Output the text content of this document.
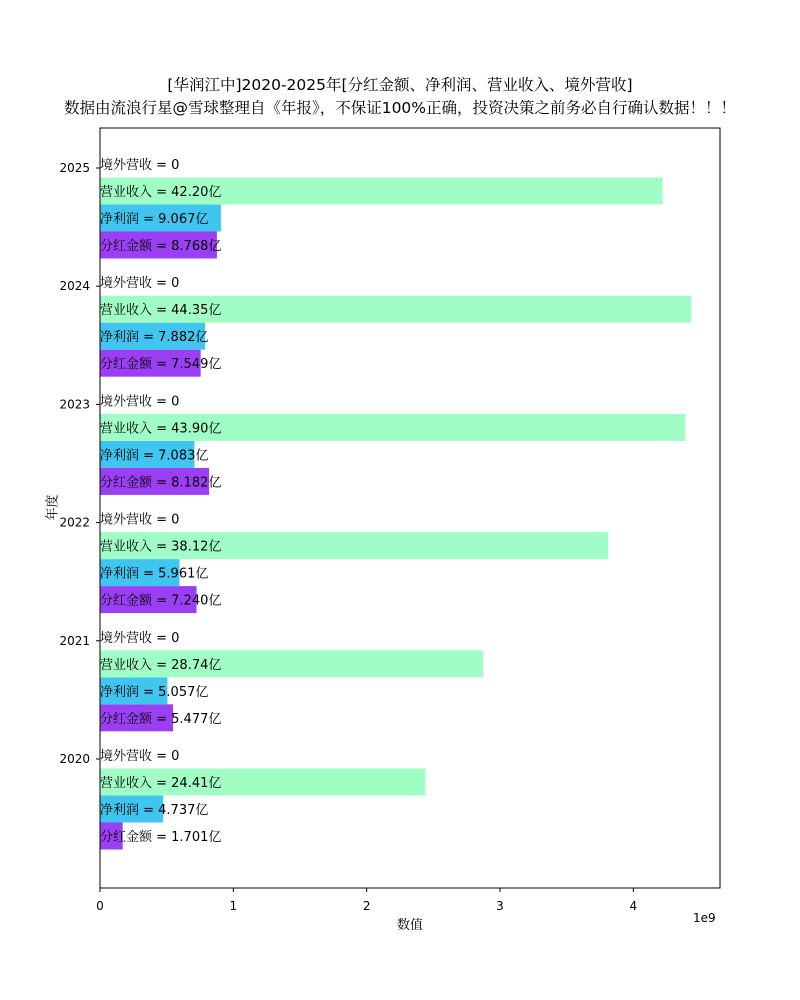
[华润江中]2020-2025年[分红金额、净利润、营业收入、境外营收]
数据由流浪行星@雪球整理自《年报》，不保证100%正确，投资决策之前务必自行确认数据！！！
分红金额 = 1.701亿
分红金额 = 5.477亿
分红金额 = 7.240亿
分红金额 = 8.182亿
分红金额 = 7.549亿
分红金额 = 8.768亿
净利润 = 4.737亿
净利润 = 5.057亿
净利润 = 5.961亿
净利润 = 7.083亿
净利润 = 7.882亿
净利润 = 9.067亿
营业收入 = 24.41亿
营业收入 = 28.74亿
营业收入 = 38.12亿
营业收入 = 43.90亿
营业收入 = 44.35亿
营业收入 = 42.20亿
境外营收 = 0
境外营收 = 0
境外营收 = 0
境外营收 = 0
境外营收 = 0
境外营收 = 0
2020
2021
2022
2023
2024
2025
0	1	2	3	4
年度
数值	1e9
